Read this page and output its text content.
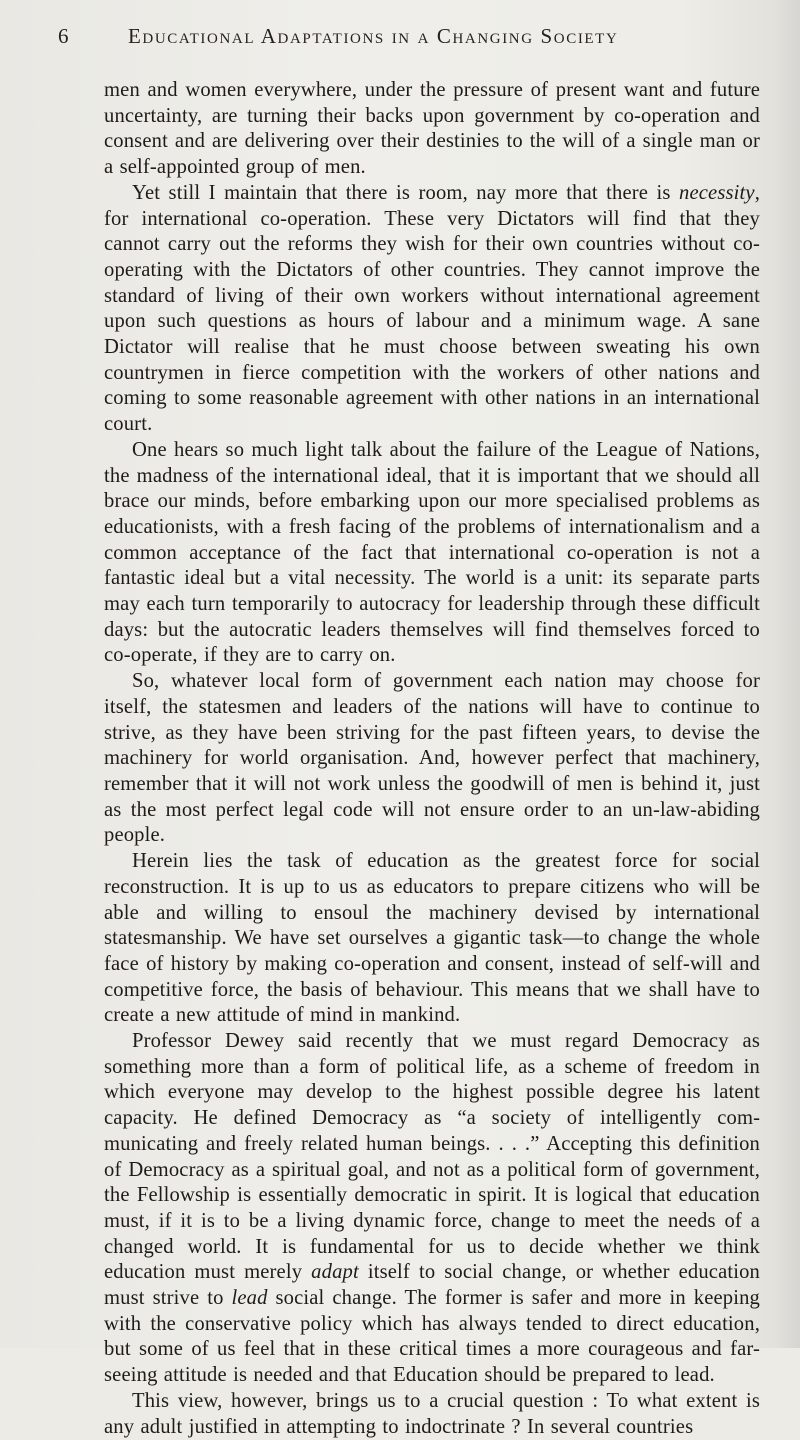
6	Educational Adaptations in a Changing Society

men and women everywhere, under the pressure of present want and future uncertainty, are turning their backs upon government by co-operation and consent and are delivering over their destinies to the will of a single man or a self-appointed group of men.

Yet still I maintain that there is room, nay more that there is necessity, for international co-operation. These very Dictators will find that they cannot carry out the reforms they wish for their own countries without co-operating with the Dictators of other countries. They cannot improve the standard of living of their own workers without international agreement upon such questions as hours of labour and a minimum wage. A sane Dictator will realise that he must choose between sweating his own countrymen in fierce competition with the workers of other nations and coming to some reasonable agreement with other nations in an international court.

One hears so much light talk about the failure of the League of Nations, the madness of the international ideal, that it is important that we should all brace our minds, before embarking upon our more specialised problems as educationists, with a fresh facing of the problems of internationalism and a common acceptance of the fact that international co-operation is not a fantastic ideal but a vital necessity. The world is a unit: its separate parts may each turn temporarily to autocracy for leadership through these difficult days: but the autocratic leaders themselves will find themselves forced to co-operate, if they are to carry on.

So, whatever local form of government each nation may choose for itself, the statesmen and leaders of the nations will have to continue to strive, as they have been striving for the past fifteen years, to devise the machinery for world organisation. And, however perfect that machinery, remember that it will not work unless the goodwill of men is behind it, just as the most perfect legal code will not ensure order to an un-law-abiding people.

Herein lies the task of education as the greatest force for social reconstruction. It is up to us as educators to prepare citizens who will be able and willing to ensoul the machinery devised by international statesmanship. We have set ourselves a gigantic task—to change the whole face of history by making co-operation and consent, instead of self-will and competitive force, the basis of behaviour. This means that we shall have to create a new attitude of mind in mankind.

Professor Dewey said recently that we must regard Democracy as something more than a form of political life, as a scheme of freedom in which everyone may develop to the highest possible degree his latent capacity. He defined Democracy as “a society of intelligently communicating and freely related human beings. . . .” Accepting this definition of Democracy as a spiritual goal, and not as a political form of government, the Fellowship is essentially democratic in spirit. It is logical that education must, if it is to be a living dynamic force, change to meet the needs of a changed world. It is fundamental for us to decide whether we think education must merely adapt itself to social change, or whether education must strive to lead social change. The former is safer and more in keeping with the conservative policy which has always tended to direct education, but some of us feel that in these critical times a more courageous and far-seeing attitude is needed and that Education should be prepared to lead.

This view, however, brings us to a crucial question : To what extent is any adult justified in attempting to indoctrinate ? In several countries
